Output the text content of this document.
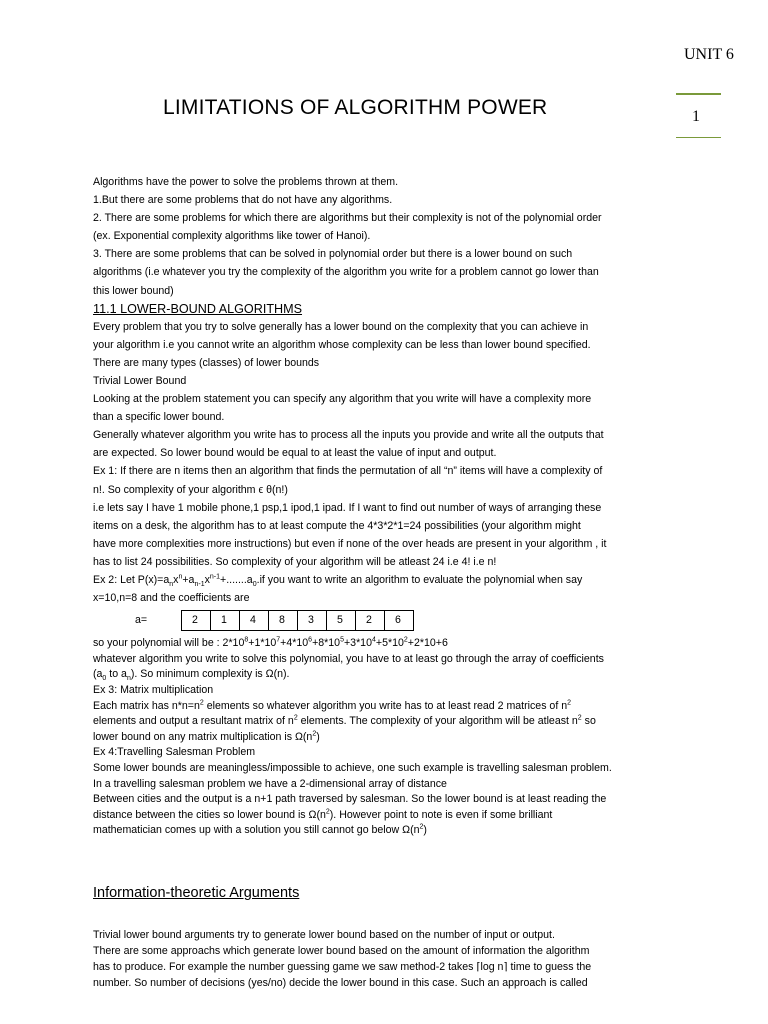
UNIT 6
1
LIMITATIONS OF ALGORITHM POWER

Algorithms have the power to solve the problems thrown at them.

1.But there are some problems that do not have any algorithms.

2. There are some problems for which there are algorithms but their complexity is not of the polynomial order

(ex. Exponential complexity algorithms like tower of Hanoi).

3. There are some problems that can be solved in polynomial order but there is a lower bound on such

algorithms (i.e whatever you try the complexity of the algorithm you write for a problem cannot go lower than

this lower bound)

11.1 LOWER-BOUND ALGORITHMS

Every problem that you try to solve generally has a lower bound on the complexity that you can achieve in

your algorithm i.e you cannot write an algorithm whose complexity can be less than lower bound specified.

There are many types (classes) of lower bounds

Trivial Lower Bound

Looking at the problem statement you can specify any algorithm that you write will have a complexity more

than a specific lower bound.

Generally whatever algorithm you write has to process all the inputs you provide and write all the outputs that

are expected. So lower bound would be equal to at least the value of input and output.

Ex 1: If there are n items then an algorithm that finds the permutation of all “n” items will have a complexity of

n!. So complexity of your algorithm ϵ θ(n!)

i.e lets say I have 1 mobile phone,1 psp,1 ipod,1 ipad. If I want to find out number of ways of arranging these

items on a desk, the algorithm has to at least compute the 4*3*2*1=24 possibilities (your algorithm might

have more complexities more instructions) but even if none of the over heads are present in your algorithm , it

has to list 24 possibilities. So complexity of your algorithm will be atleast 24 i.e 4! i.e n!

Ex 2: Let $P(x)=a_nx^n+a_{n-1}x^{n-1}+.......a_0.if$ you want to write an algorithm to evaluate the polynomial when say

x=10,n=8 and the coefficients are

a=	2	1	4	8	3	5	2	6

so your polynomial will be : $2*10^8+1*10^7+4*10^6+8*10^5+3*10^4+5*10^2+2*10+6$

whatever algorithm you write to solve this polynomial, you have to at least go through the array of coefficients

($a_0$ to $a_n$). So minimum complexity is Ω(n).

Ex 3: Matrix multiplication

Each matrix has $n*n=n^2$ elements so whatever algorithm you write has to at least read 2 matrices of $n^2$

elements and output a resultant matrix of $n^2$ elements. The complexity of your algorithm will be atleast $n^2$ so

lower bound on any matrix multiplication is $\Omega(n^2)$

Ex 4:Travelling Salesman Problem

Some lower bounds are meaningless/impossible to achieve, one such example is travelling salesman problem.

In a travelling salesman problem we have a 2-dimensional array of distance

Between cities and the output is a n+1 path traversed by salesman. So the lower bound is at least reading the

distance between the cities so lower bound is $\Omega(n^2)$. However point to note is even if some brilliant

mathematician comes up with a solution you still cannot go below $\Omega(n^2)$

Information-theoretic Arguments

Trivial lower bound arguments try to generate lower bound based on the number of input or output.

There are some approachs which generate lower bound based on the amount of information the algorithm

has to produce. For example the number guessing game we saw method-2 takes ⌈log n⌉ time to guess the

number. So number of decisions (yes/no) decide the lower bound in this case. Such an approach is called
